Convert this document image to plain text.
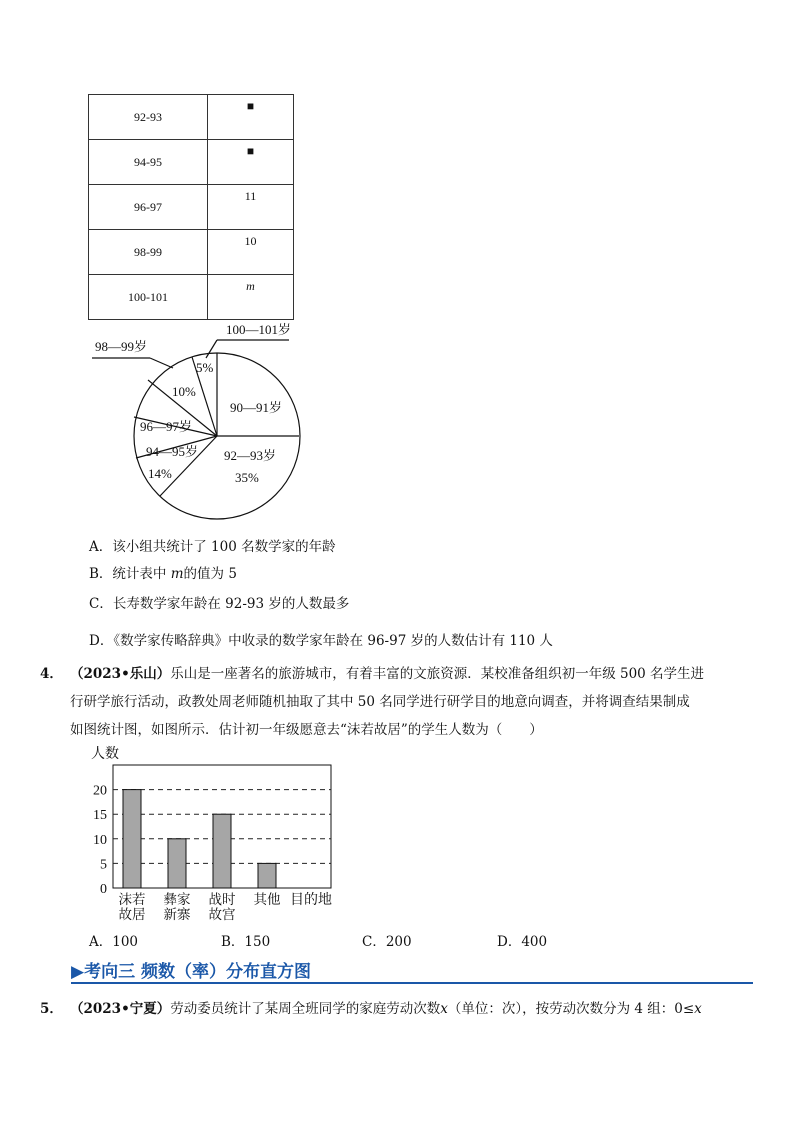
92-93	■
94-95	■
96-97	11
98-99	10
100-101	m
100—101岁
98—99岁
5%
10%
90—91岁
96—97岁
94—95岁 92—93岁
14%	35%
A．该小组共统计了 100 名数学家的年龄
B．统计表中 m的值为 5
C．长寿数学家年龄在 92-93 岁的人数最多
D．《数学家传略辞典》中收录的数学家年龄在 96-97 岁的人数估计有 110 人
4． （2023•乐山）乐山是一座著名的旅游城市，有着丰富的文旅资源．某校准备组织初一年级 500 名学生进
行研学旅行活动，政教处周老师随机抽取了其中 50 名同学进行研学目的地意向调查，并将调查结果制成
如图统计图，如图所示．估计初一年级愿意去“沫若故居”的学生人数为（　　）
人数
0
5
10
15
20
沫若
故居
彝家
新寨
战时
故宫
其他 目的地
A．100	B．150	C．200	D．400
▶考向三 频数（率）分布直方图
5． （2023•宁夏）劳动委员统计了某周全班同学的家庭劳动次数x（单位：次），按劳动次数分为 4 组：0≤x
